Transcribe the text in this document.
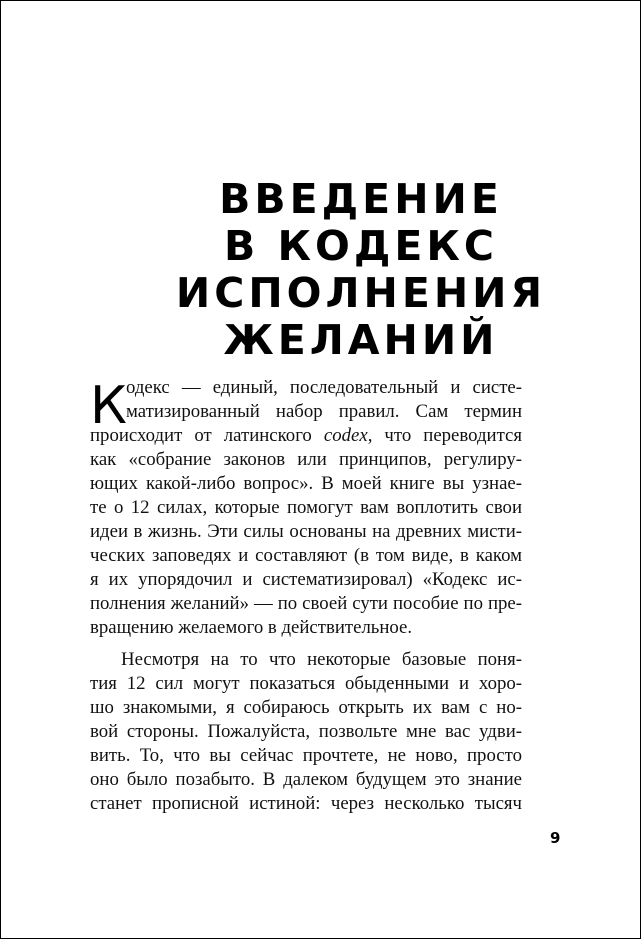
ВВЕДЕНИЕ
В КОДЕКС
ИСПОЛНЕНИЯ
ЖЕЛАНИЙ
К одекс — единый, последовательный и систе-
матизированный набор правил. Сам термин
происходит от латинского codex, что переводится
как «собрание законов или принципов, регулиру-
ющих какой-либо вопрос». В моей книге вы узнае-
те о 12 силах, которые помогут вам воплотить свои
идеи в жизнь. Эти силы основаны на древних мисти-
ческих заповедях и составляют (в том виде, в каком
я их упорядочил и систематизировал) «Кодекс ис-
полнения желаний» — по своей сути пособие по пре-
вращению желаемого в действительное.
Несмотря на то что некоторые базовые поня-
тия 12 сил могут показаться обыденными и хоро-
шо знакомыми, я собираюсь открыть их вам с но-
вой стороны. Пожалуйста, позвольте мне вас удви-
вить. То, что вы сейчас прочтете, не ново, просто
оно было позабыто. В далеком будущем это знание
станет прописной истиной: через несколько тысяч
9
